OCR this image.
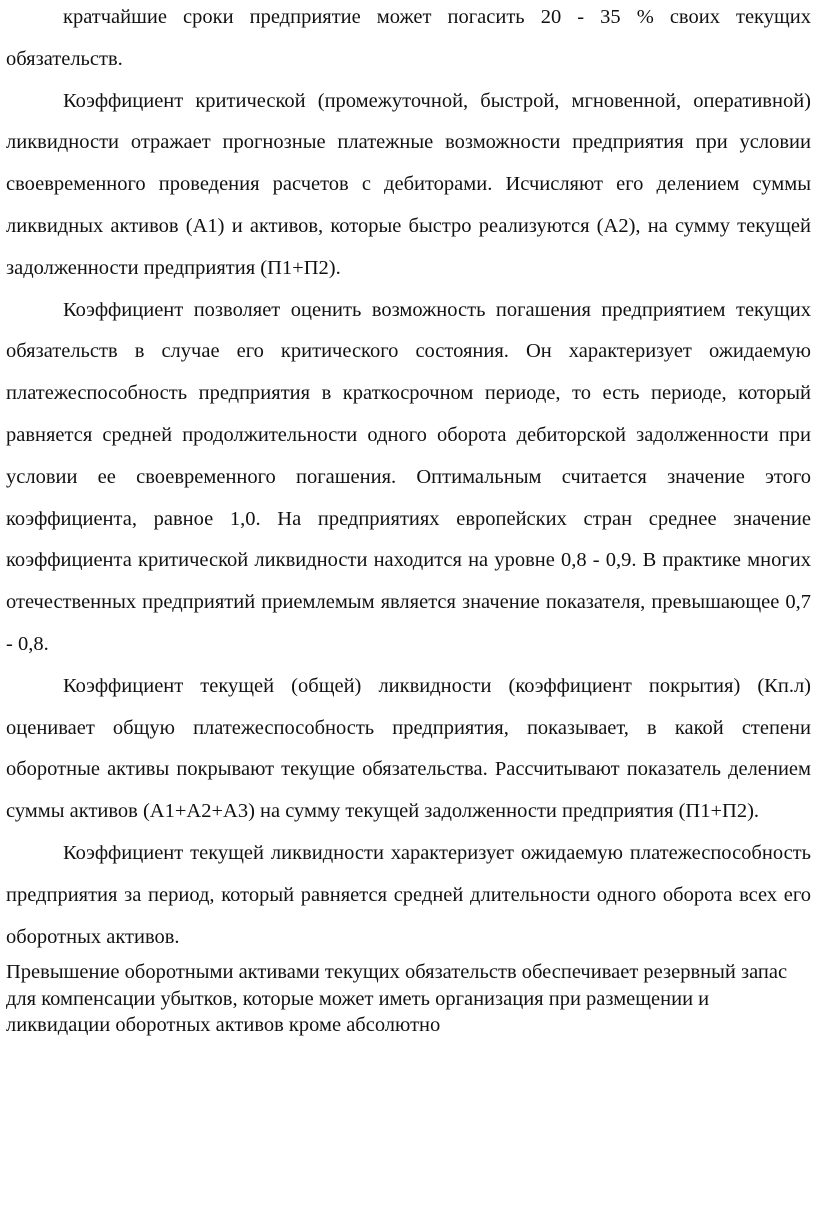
кратчайшие сроки предприятие может погасить 20 - 35 % своих текущих обязательств.

Коэффициент критической (промежуточной, быстрой, мгновенной, оперативной) ликвидности отражает прогнозные платежные возможности предприятия при условии своевременного проведения расчетов с дебиторами. Исчисляют его делением суммы ликвидных активов (А1) и активов, которые быстро реализуются (А2), на сумму текущей задолженности предприятия (П1+П2).

Коэффициент позволяет оценить возможность погашения предприятием текущих обязательств в случае его критического состояния. Он характеризует ожидаемую платежеспособность предприятия в краткосрочном периоде, то есть периоде, который равняется средней продолжительности одного оборота дебиторской задолженности при условии ее своевременного погашения. Оптимальным считается значение этого коэффициента, равное 1,0. На предприятиях европейских стран среднее значение коэффициента критической ликвидности находится на уровне 0,8 - 0,9. В практике многих отечественных предприятий приемлемым является значение показателя, превышающее 0,7 - 0,8.

Коэффициент текущей (общей) ликвидности (коэффициент покрытия) (Кп.л) оценивает общую платежеспособность предприятия, показывает, в какой степени оборотные активы покрывают текущие обязательства. Рассчитывают показатель делением суммы активов (А1+А2+А3) на сумму текущей задолженности предприятия (П1+П2).

Коэффициент текущей ликвидности характеризует ожидаемую платежеспособность предприятия за период, который равняется средней длительности одного оборота всех его оборотных активов.

Превышение оборотными активами текущих обязательств обеспечивает резервный запас для компенсации убытков, которые может иметь организация при размещении и ликвидации оборотных активов кроме абсолютно
